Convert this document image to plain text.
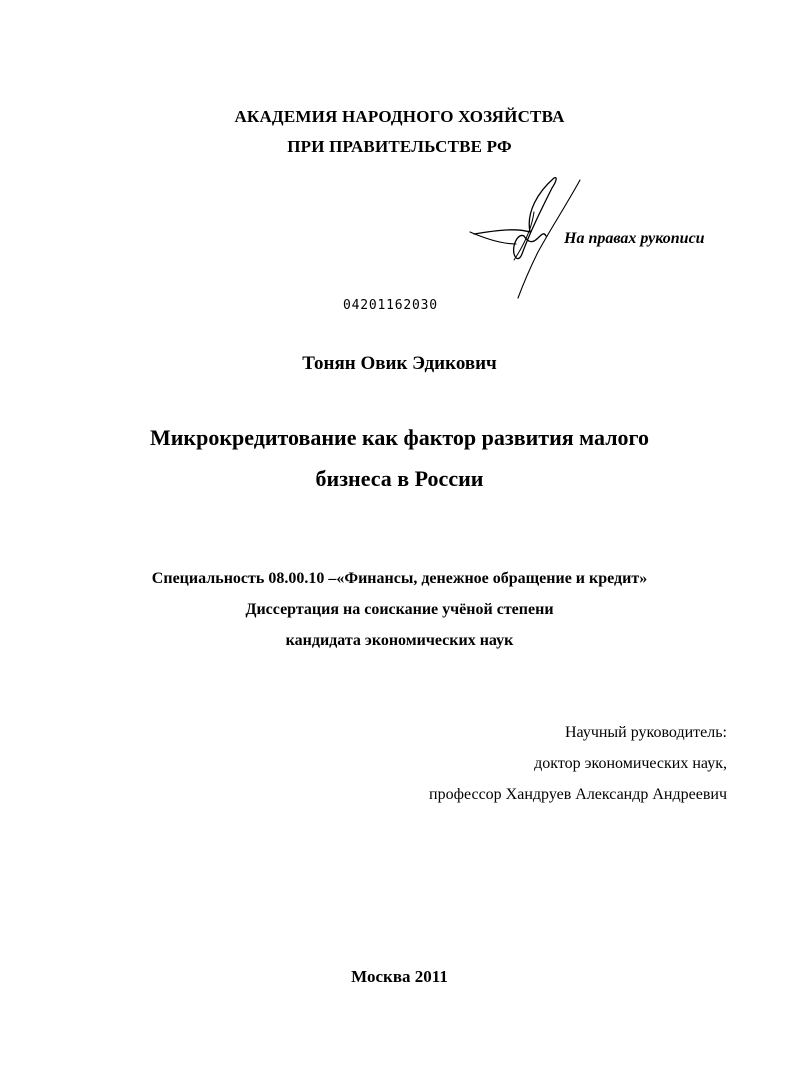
АКАДЕМИЯ НАРОДНОГО ХОЗЯЙСТВА
ПРИ ПРАВИТЕЛЬСТВЕ РФ
На правах рукописи
04201162030
Тонян Овик Эдикович
Микрокредитование как фактор развития малого
бизнеса в России
Специальность 08.00.10 –«Финансы, денежное обращение и кредит»
Диссертация на соискание учёной степени
кандидата экономических наук
Научный руководитель:
доктор экономических наук,
профессор Хандруев Александр Андреевич
Москва 2011
